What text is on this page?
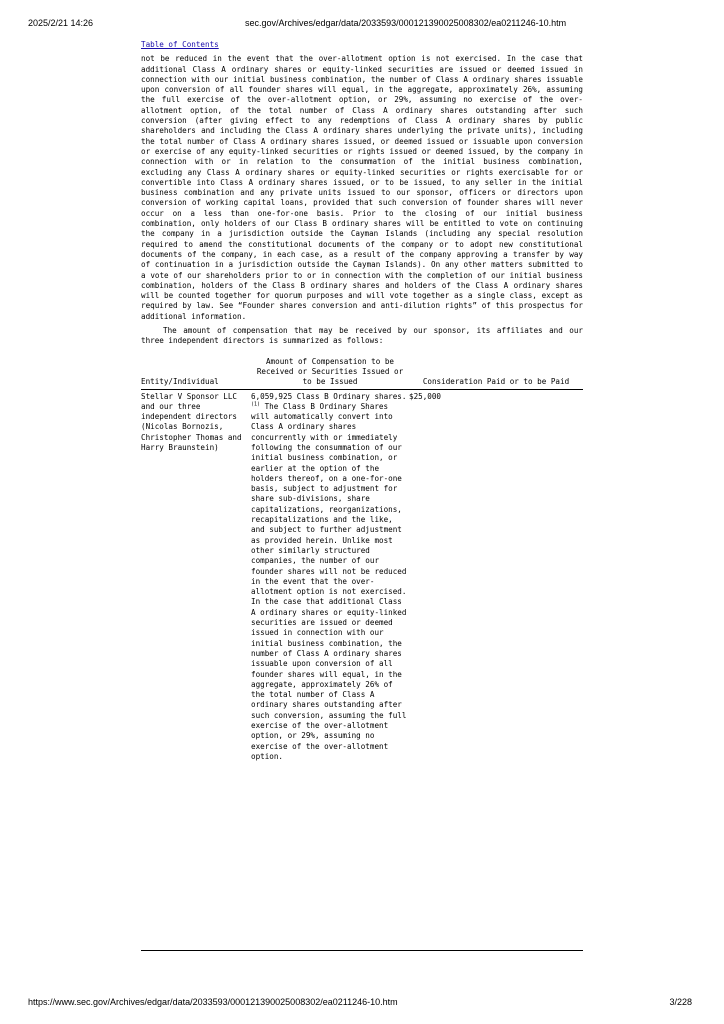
2025/2/21 14:26	sec.gov/Archives/edgar/data/2033593/000121390025008302/ea0211246-10.htm
Table of Contents

not be reduced in the event that the over-allotment option is not exercised. In the case that additional Class A ordinary shares or equity-linked securities are issued or deemed issued in connection with our initial business combination, the number of Class A ordinary shares issuable upon conversion of all founder shares will equal, in the aggregate, approximately 26%, assuming the full exercise of the over-allotment option, or 29%, assuming no exercise of the over-allotment option, of the total number of Class A ordinary shares outstanding after such conversion (after giving effect to any redemptions of Class A ordinary shares by public shareholders and including the Class A ordinary shares underlying the private units), including the total number of Class A ordinary shares issued, or deemed issued or issuable upon conversion or exercise of any equity-linked securities or rights issued or deemed issued, by the company in connection with or in relation to the consummation of the initial business combination, excluding any Class A ordinary shares or equity-linked securities or rights exercisable for or convertible into Class A ordinary shares issued, or to be issued, to any seller in the initial business combination and any private units issued to our sponsor, officers or directors upon conversion of working capital loans, provided that such conversion of founder shares will never occur on a less than one-for-one basis. Prior to the closing of our initial business combination, only holders of our Class B ordinary shares will be entitled to vote on continuing the company in a jurisdiction outside the Cayman Islands (including any special resolution required to amend the constitutional documents of the company or to adopt new constitutional documents of the company, in each case, as a result of the company approving a transfer by way of continuation in a jurisdiction outside the Cayman Islands). On any other matters submitted to a vote of our shareholders prior to or in connection with the completion of our initial business combination, holders of the Class B ordinary shares and holders of the Class A ordinary shares will be counted together for quorum purposes and will vote together as a single class, except as required by law. See “Founder shares conversion and anti-dilution rights” of this prospectus for additional information.

The amount of compensation that may be received by our sponsor, its affiliates and our three independent directors is summarized as follows:

Entity/Individual	Amount of Compensation to be Received or Securities Issued or to be Issued	Consideration Paid or to be Paid
Stellar V Sponsor LLC and our three independent directors (Nicolas Bornozis, Christopher Thomas and Harry Braunstein)	6,059,925 Class B Ordinary shares. $^{(1)}$ The Class B Ordinary Shares will automatically convert into Class A ordinary shares concurrently with or immediately following the consummation of our initial business combination, or earlier at the option of the holders thereof, on a one-for-one basis, subject to adjustment for share sub-divisions, share capitalizations, reorganizations, recapitalizations and the like, and subject to further adjustment as provided herein. Unlike most other similarly structured companies, the number of our founder shares will not be reduced in the event that the over-allotment option is not exercised. In the case that additional Class A ordinary shares or equity-linked securities are issued or deemed issued in connection with our initial business combination, the number of Class A ordinary shares issuable upon conversion of all founder shares will equal, in the aggregate, approximately 26% of the total number of Class A ordinary shares outstanding after such conversion, assuming the full exercise of the over-allotment option, or 29%, assuming no exercise of the over-allotment option.	$25,000
https://www.sec.gov/Archives/edgar/data/2033593/000121390025008302/ea0211246-10.htm	3/228
